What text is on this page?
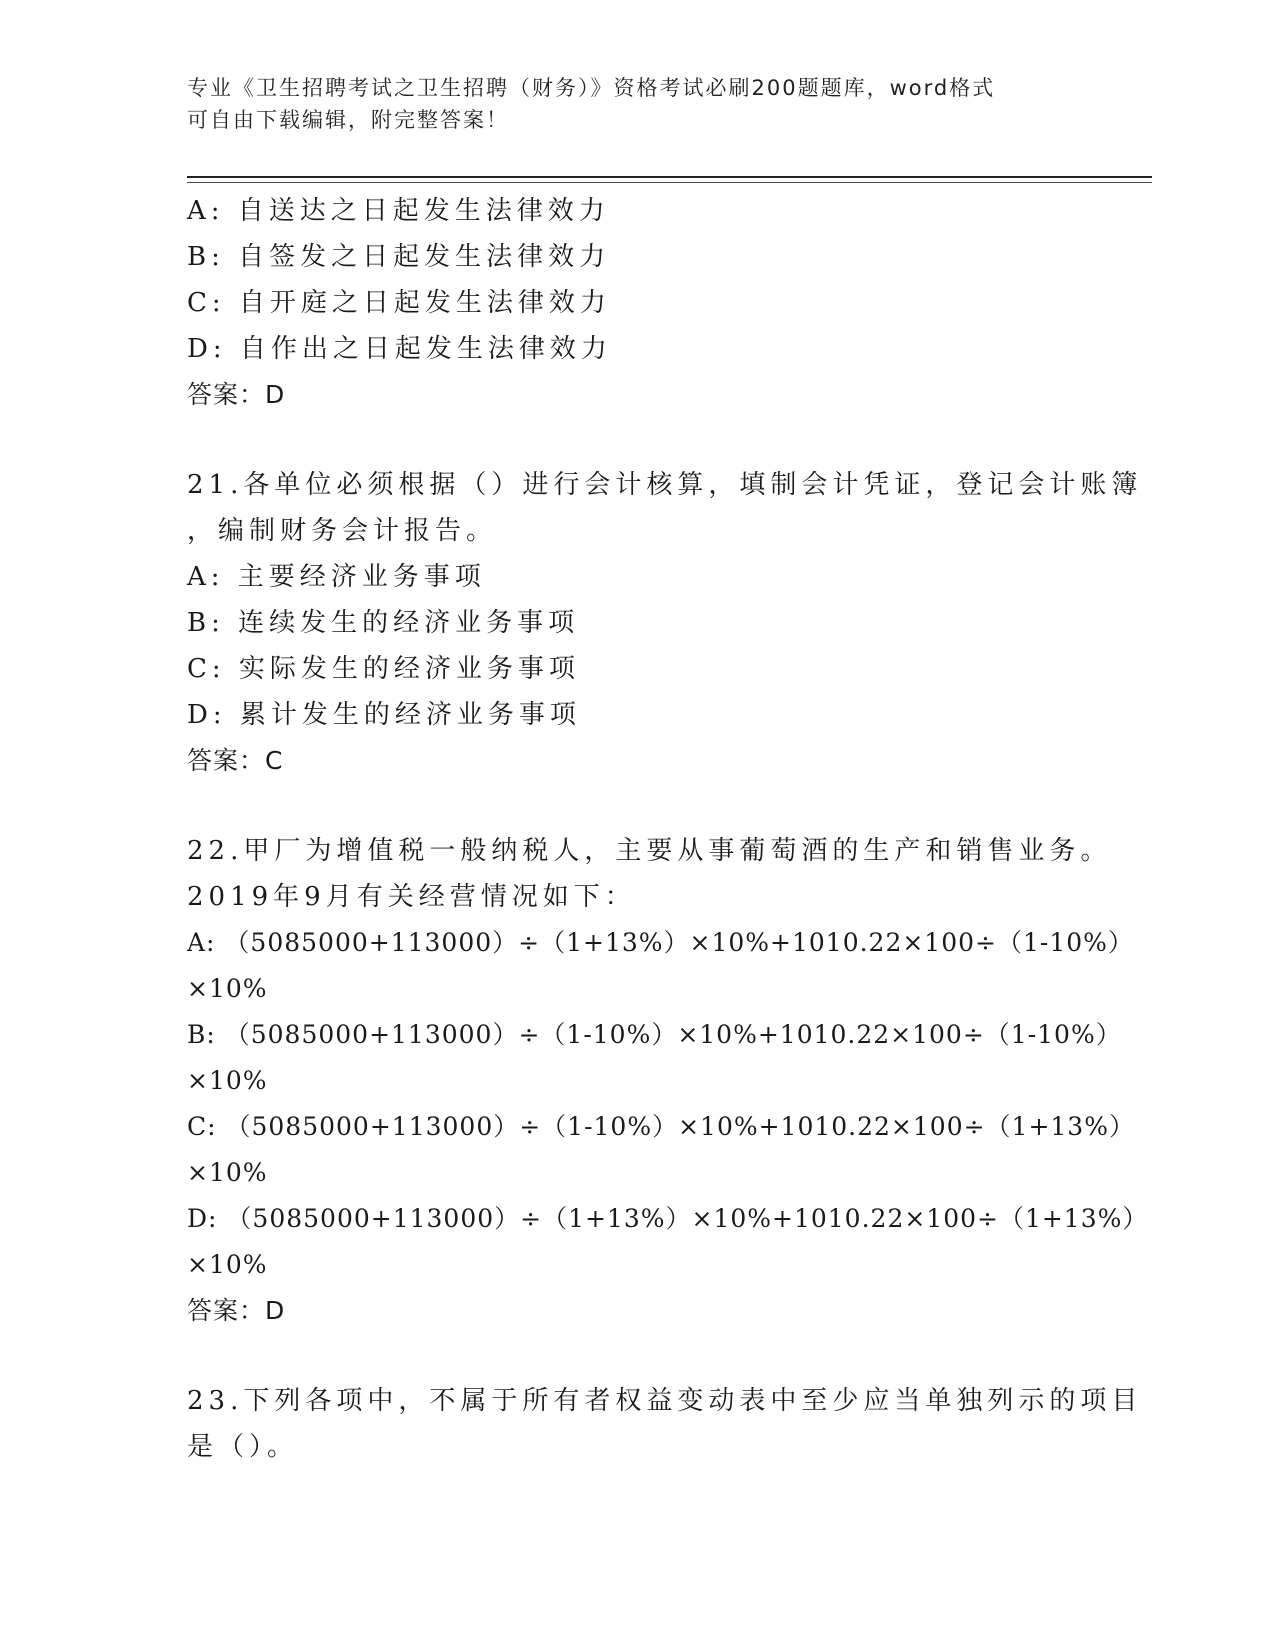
专业《卫生招聘考试之卫生招聘（财务）》资格考试必刷200题题库，word格式
可自由下载编辑，附完整答案！
A: 自送达之日起发生法律效力
B: 自签发之日起发生法律效力
C: 自开庭之日起发生法律效力
D: 自作出之日起发生法律效力
答案：D
21.各单位必须根据（）进行会计核算，填制会计凭证，登记会计账簿
，编制财务会计报告。
A: 主要经济业务事项
B: 连续发生的经济业务事项
C: 实际发生的经济业务事项
D: 累计发生的经济业务事项
答案：C
22.甲厂为增值税一般纳税人，主要从事葡萄酒的生产和销售业务。
2019年9月有关经营情况如下：
A: （5085000+113000）÷（1+13%）×10%+1010.22×100÷（1-10%）
×10%
B: （5085000+113000）÷（1-10%）×10%+1010.22×100÷（1-10%）
×10%
C: （5085000+113000）÷（1-10%）×10%+1010.22×100÷（1+13%）
×10%
D: （5085000+113000）÷（1+13%）×10%+1010.22×100÷（1+13%）
×10%
答案：D
23.下列各项中，不属于所有者权益变动表中至少应当单独列示的项目
是（）。
